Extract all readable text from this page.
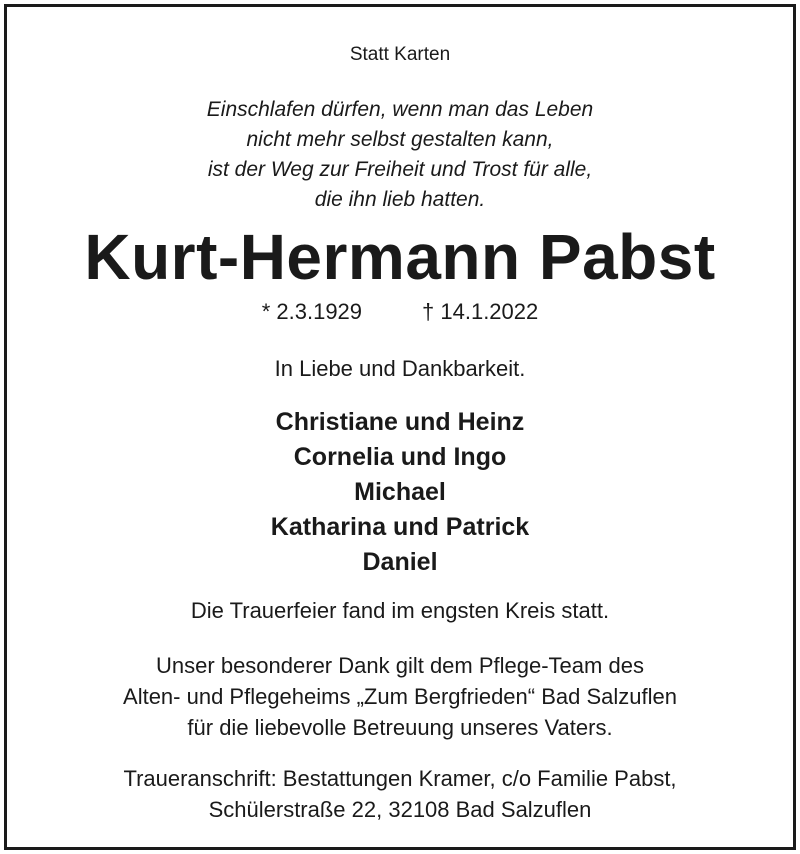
Statt Karten

Einschlafen dürfen, wenn man das Leben
nicht mehr selbst gestalten kann,
ist der Weg zur Freiheit und Trost für alle,
die ihn lieb hatten.
Kurt-Hermann Pabst

* 2.3.1929	† 14.1.2022

In Liebe und Dankbarkeit.

Christiane und Heinz
Cornelia und Ingo
Michael
Katharina und Patrick
Daniel

Die Trauerfeier fand im engsten Kreis statt.

Unser besonderer Dank gilt dem Pflege-Team des
Alten- und Pflegeheims „Zum Bergfrieden“ Bad Salzuflen
für die liebevolle Betreuung unseres Vaters.
Traueranschrift: Bestattungen Kramer, c/o Familie Pabst,
Schülerstraße 22, 32108 Bad Salzuflen
